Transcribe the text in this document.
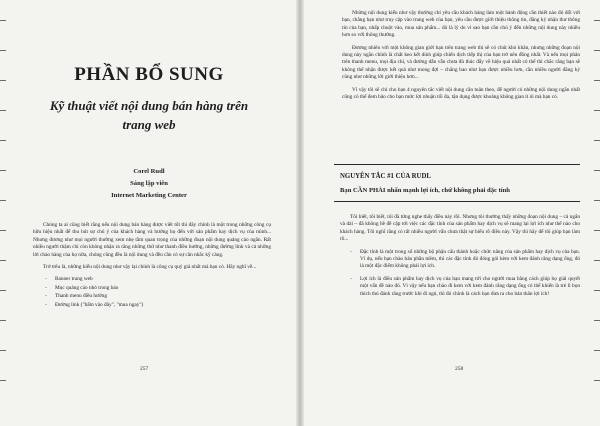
PHẦN BỔ SUNG
Kỹ thuật viết nội dung bán hàng trên trang web
Corel Rudl
Sáng lập viên
Internet Marketing Center

Chúng ta ai cũng biết rằng nếu nội dung bán hàng được viết tốt thì đây chính là một trong những công cụ hữu hiệu nhất để thu hút sự chú ý của khách hàng và hướng họ đến với sản phẩm hay dịch vụ của mình... Nhưng đương như mọi người thường xem nhẹ tầm quan trọng của những đoạn nội dung quảng cáo ngắn. Rất nhiều người thậm chí còn không nhận ra rằng những thứ như thanh điều hướng, những đường link và cả những lời chào hàng của họ nữa, chúng cũng đều là nội dung và đều cần có sự cân nhắc kỹ càng.

Trở trêu là, những kiểu nội dung như vậy lại chính là công cụ quý giá nhất mà bạn có. Hãy nghĩ về...

- Banner trang web
- Mục quảng cáo nhỏ trong báo
- Thanh menu điều hướng
- Đường link ("bấm vào đây", "mua ngay")
257

Những nội dung kiểu như vậy thường chỉ yêu cầu khách hàng làm một hành động cần thiết nào đó đối với bạn, chẳng hạn như truy cập vào trang web của bạn, yêu cầu được giới thiệu thông tin, đăng ký nhận thư thông tin của bạn, nhấp chuột vào, mua sản phẩm... đó là lý do vì sao bạn cần chú ý đến những nội dung này nhiều hơn so với thông thường.

Đương nhiên với một không gian giới hạn trên trang web thì sẽ có chút khó khăn, nhưng những đoạn nội dung này ngắn chính là chất keo kết dính giúp chiến dịch tiếp thị của bạn trở nên đồng nhất. Và nếu mọi phân trên thanh menu, mọi địa chỉ, và đường dẫn vẫn chưa đủ thúc đẩy về hiệu quả nhất có thể thì chắc rằng bạn sẽ không thể nhận được kết quả như mong đợi – chẳng bao như bạn được nhiều hơn, cần nhiều người đăng ký cũng như những lời giới thiệu hơn...

Vì vậy tôi sẽ chỉ cho bạn 4 nguyên tắc viết nội dung cần tuân theo, để người có những nội dung ngắn nhất cũng có thể đem bảo cho bạn mức lợi nhuận tối đa, tận dụng được khoảng không gian ít ỏi mà bạn có.

NGUYÊN TẮC #1 CỦA RUDL
Bạn CẦN PHẢI nhấn mạnh lợi ích, chứ không phải đặc tính

Tôi biết, tôi biết, tôi đã từng nghe thấy điều này rồi. Nhưng tôi thường thấy những đoạn nội dung – cả ngắn và dài – đã không hề đề cập tới việc các đặc tính của sản phẩm hay dịch vụ sẽ mang lại lợi ích như thế nào cho khách hàng. Tôi nghĩ rằng có rất nhiều người vẫn chưa thật sự hiểu rõ điều này. Vậy thì hãy để tôi giúp bạn làm rõ...

- Đặc tính là một trong số những bộ phận cấu thành hoặc chức năng của sản phẩm hay dịch vụ của bạn. Ví dụ, nếu bạn chào bán phần mềm, thì các đặc tính đó đóng gói kèm với kem đánh răng dạng ống, đó là một đặc điểm không phải lợi ích.
- Lợi ích là điều sản phẩm hay dịch vụ của bạn mang tới cho người mua bằng cách giúp họ giải quyết một vấn đề nào đó. Vì vậy nếu bạn chào đi kem với kem đánh răng dạng ống có thể khiến là trẻ lì bọn thích thú đánh răng trước khi đi ngủ, thì đó chính là cách bạn đưa ra cho bản thân lợi ích!
258
